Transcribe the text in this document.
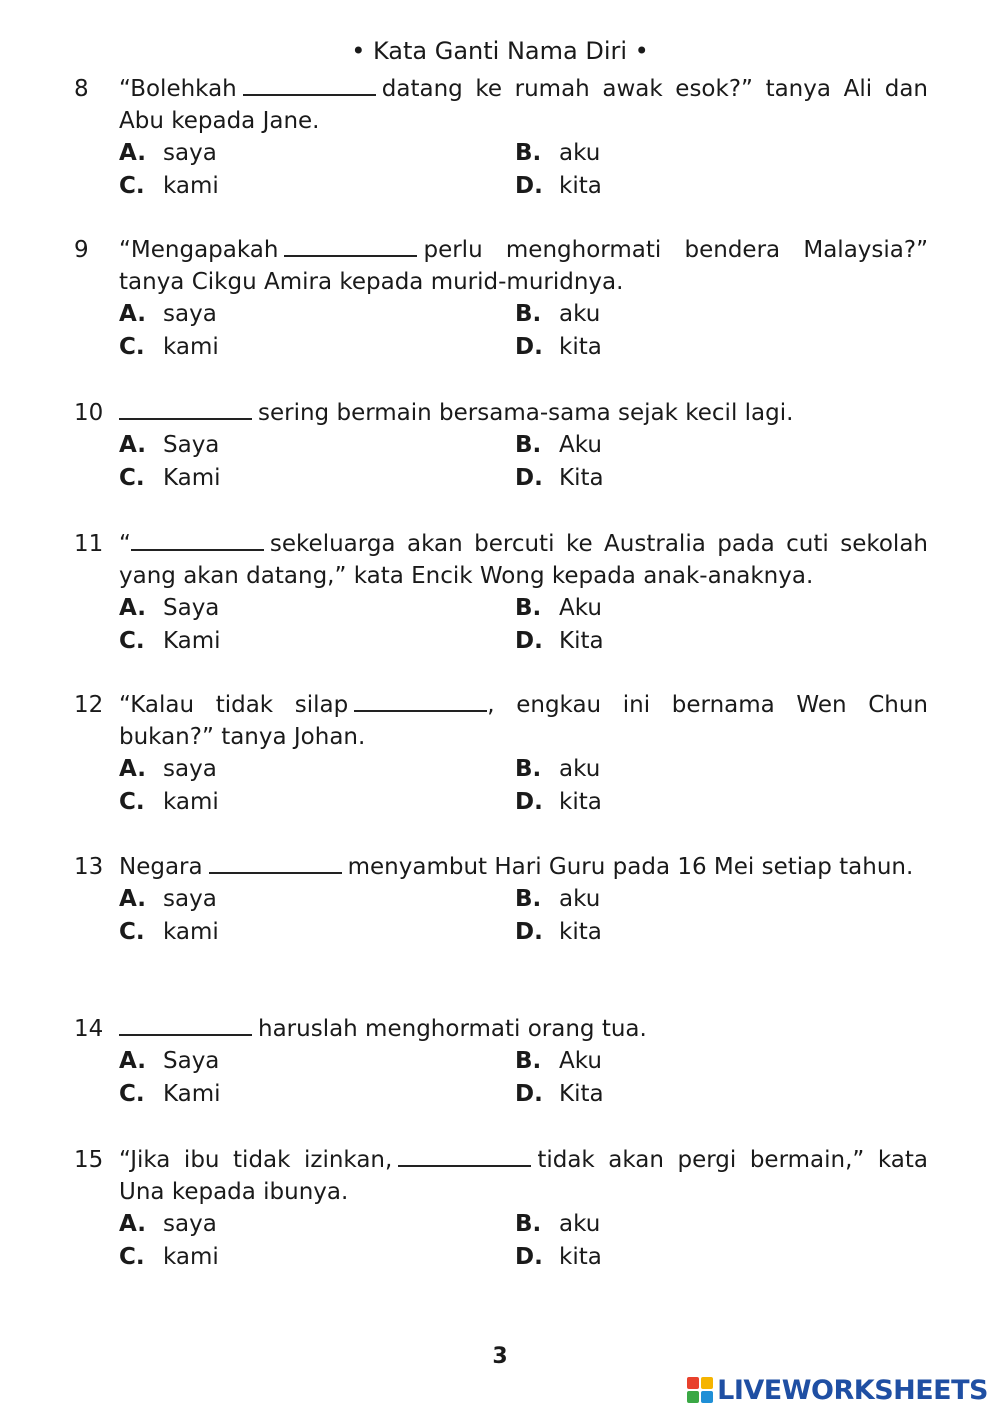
• Kata Ganti Nama Diri •
8 “Bolehkah	datang ke rumah awak esok?” tanya Ali dan Abu kepada Jane.
A. saya	B. aku
C. kami	D. kita
9 “Mengapakah	perlu menghormati bendera Malaysia?” tanya Cikgu Amira kepada murid-muridnya.
A. saya	B. aku
C. kami	D. kita
10	sering bermain bersama-sama sejak kecil lagi.
A. Saya	B. Aku
C. Kami	D. Kita
11 “	sekeluarga akan bercuti ke Australia pada cuti sekolah yang akan datang,” kata Encik Wong kepada anak-anaknya.
A. Saya	B. Aku
C. Kami	D. Kita
12 “Kalau tidak silap	, engkau ini bernama Wen Chun bukan?” tanya Johan.
A. saya	B. aku
C. kami	D. kita
13 Negara	menyambut Hari Guru pada 16 Mei setiap tahun.
A. saya	B. aku
C. kami	D. kita
14	haruslah menghormati orang tua.
A. Saya	B. Aku
C. Kami	D. Kita
15 “Jika ibu tidak izinkan,	tidak akan pergi bermain,” kata Una kepada ibunya.
A. saya	B. aku
C. kami	D. kita
3
LIVEWORKSHEETS
